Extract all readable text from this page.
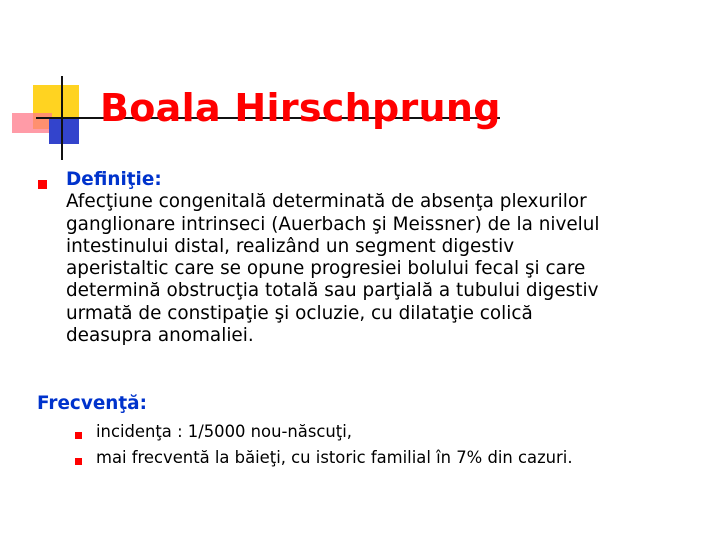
Boala Hirschprung
Definiţie:
Afecţiune congenitală determinată de absenţa plexurilor
ganglionare intrinseci (Auerbach şi Meissner) de la nivelul
intestinului distal, realizând un segment digestiv
aperistaltic care se opune progresiei bolului fecal şi care
determină obstrucţia totală sau parţială a tubului digestiv
urmată de constipaţie şi ocluzie, cu dilataţie colică
deasupra anomaliei.
Frecvenţă:
incidenţa : 1/5000 nou-născuţi,
mai frecventă la băieţi, cu istoric familial în 7% din cazuri.
